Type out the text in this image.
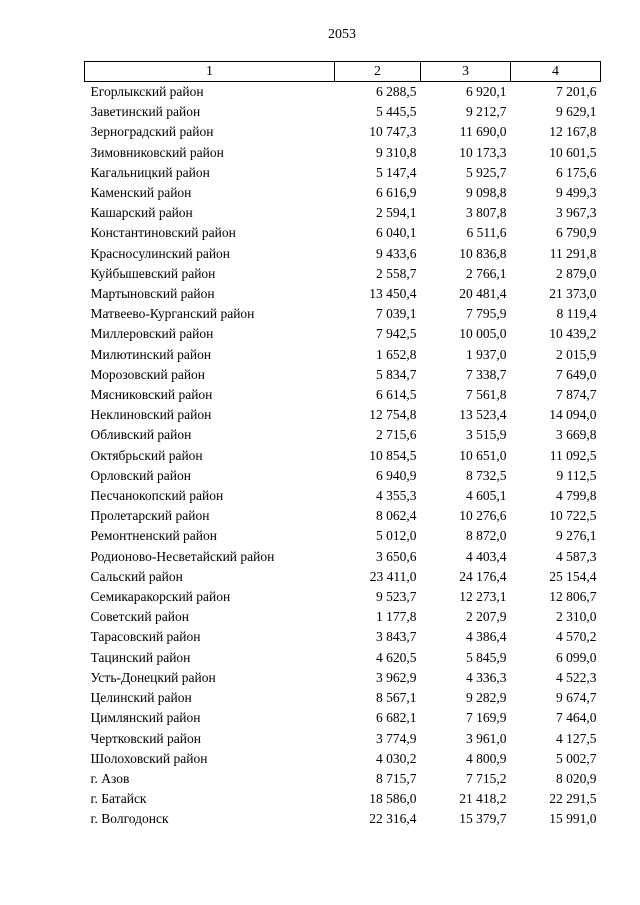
2053
1	2	3	4
Егорлыкский район	6 288,5	6 920,1	7 201,6
Заветинский район	5 445,5	9 212,7	9 629,1
Зерноградский район	10 747,3	11 690,0	12 167,8
Зимовниковский район	9 310,8	10 173,3	10 601,5
Кагальницкий район	5 147,4	5 925,7	6 175,6
Каменский район	6 616,9	9 098,8	9 499,3
Кашарский район	2 594,1	3 807,8	3 967,3
Константиновский район	6 040,1	6 511,6	6 790,9
Красносулинский район	9 433,6	10 836,8	11 291,8
Куйбышевский район	2 558,7	2 766,1	2 879,0
Мартыновский район	13 450,4	20 481,4	21 373,0
Матвеево-Курганский район	7 039,1	7 795,9	8 119,4
Миллеровский район	7 942,5	10 005,0	10 439,2
Милютинский район	1 652,8	1 937,0	2 015,9
Морозовский район	5 834,7	7 338,7	7 649,0
Мясниковский район	6 614,5	7 561,8	7 874,7
Неклиновский район	12 754,8	13 523,4	14 094,0
Обливский район	2 715,6	3 515,9	3 669,8
Октябрьский район	10 854,5	10 651,0	11 092,5
Орловский район	6 940,9	8 732,5	9 112,5
Песчанокопский район	4 355,3	4 605,1	4 799,8
Пролетарский район	8 062,4	10 276,6	10 722,5
Ремонтненский район	5 012,0	8 872,0	9 276,1
Родионово-Несветайский район	3 650,6	4 403,4	4 587,3
Сальский район	23 411,0	24 176,4	25 154,4
Семикаракорский район	9 523,7	12 273,1	12 806,7
Советский район	1 177,8	2 207,9	2 310,0
Тарасовский район	3 843,7	4 386,4	4 570,2
Тацинский район	4 620,5	5 845,9	6 099,0
Усть-Донецкий район	3 962,9	4 336,3	4 522,3
Целинский район	8 567,1	9 282,9	9 674,7
Цимлянский район	6 682,1	7 169,9	7 464,0
Чертковский район	3 774,9	3 961,0	4 127,5
Шолоховский район	4 030,2	4 800,9	5 002,7
г. Азов	8 715,7	7 715,2	8 020,9
г. Батайск	18 586,0	21 418,2	22 291,5
г. Волгодонск	22 316,4	15 379,7	15 991,0
